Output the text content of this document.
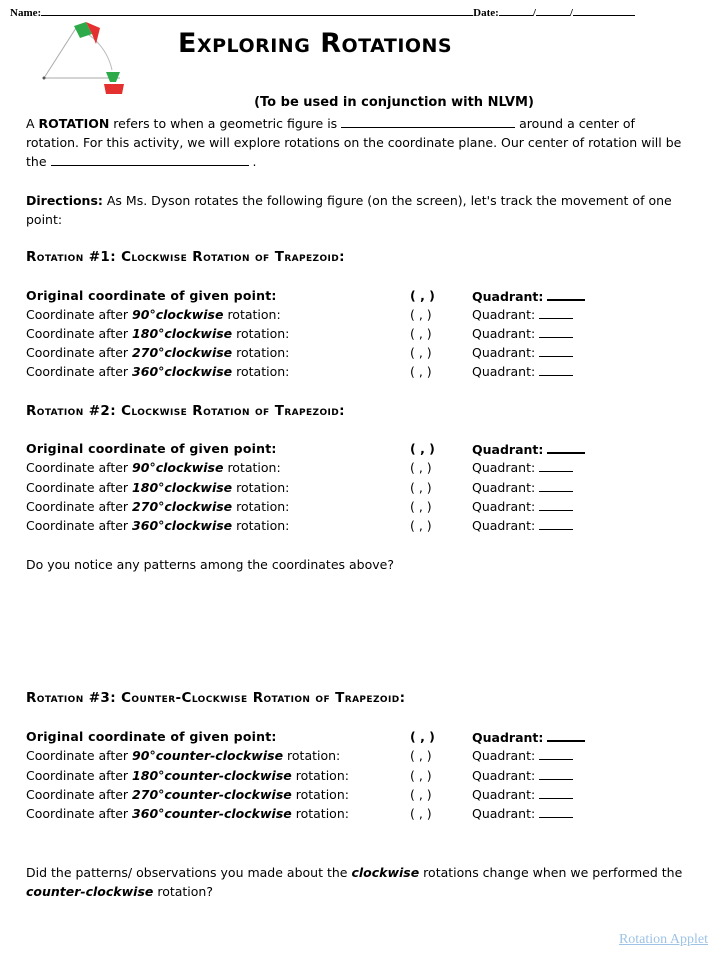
Name:	Date:	/	/
Exploring Rotations
(To be used in conjunction with NLVM)
A ROTATION refers to when a geometric figure is	around a center of rotation. For this activity, we will explore rotations on the coordinate plane. Our center of rotation will be the	.
Directions: As Ms. Dyson rotates the following figure (on the screen), let's track the movement of one point:
Rotation #1: Clockwise Rotation of Trapezoid:
Original coordinate of given point:	( , )	Quadrant:
Coordinate after 90°clockwise rotation:	( , )	Quadrant:
Coordinate after 180°clockwise rotation:	( , )	Quadrant:
Coordinate after 270°clockwise rotation:	( , )	Quadrant:
Coordinate after 360°clockwise rotation:	( , )	Quadrant:
Rotation #2: Clockwise Rotation of Trapezoid:
Original coordinate of given point:	( , )	Quadrant:
Coordinate after 90°clockwise rotation:	( , )	Quadrant:
Coordinate after 180°clockwise rotation:	( , )	Quadrant:
Coordinate after 270°clockwise rotation:	( , )	Quadrant:
Coordinate after 360°clockwise rotation:	( , )	Quadrant:
Do you notice any patterns among the coordinates above?
Rotation #3: Counter-Clockwise Rotation of Trapezoid:
Original coordinate of given point:	( , )	Quadrant:
Coordinate after 90°counter-clockwise rotation:	( , )	Quadrant:
Coordinate after 180°counter-clockwise rotation:	( , )	Quadrant:
Coordinate after 270°counter-clockwise rotation:	( , )	Quadrant:
Coordinate after 360°counter-clockwise rotation:	( , )	Quadrant:
Did the patterns/ observations you made about the clockwise rotations change when we performed the counter-clockwise rotation?
Rotation Applet
